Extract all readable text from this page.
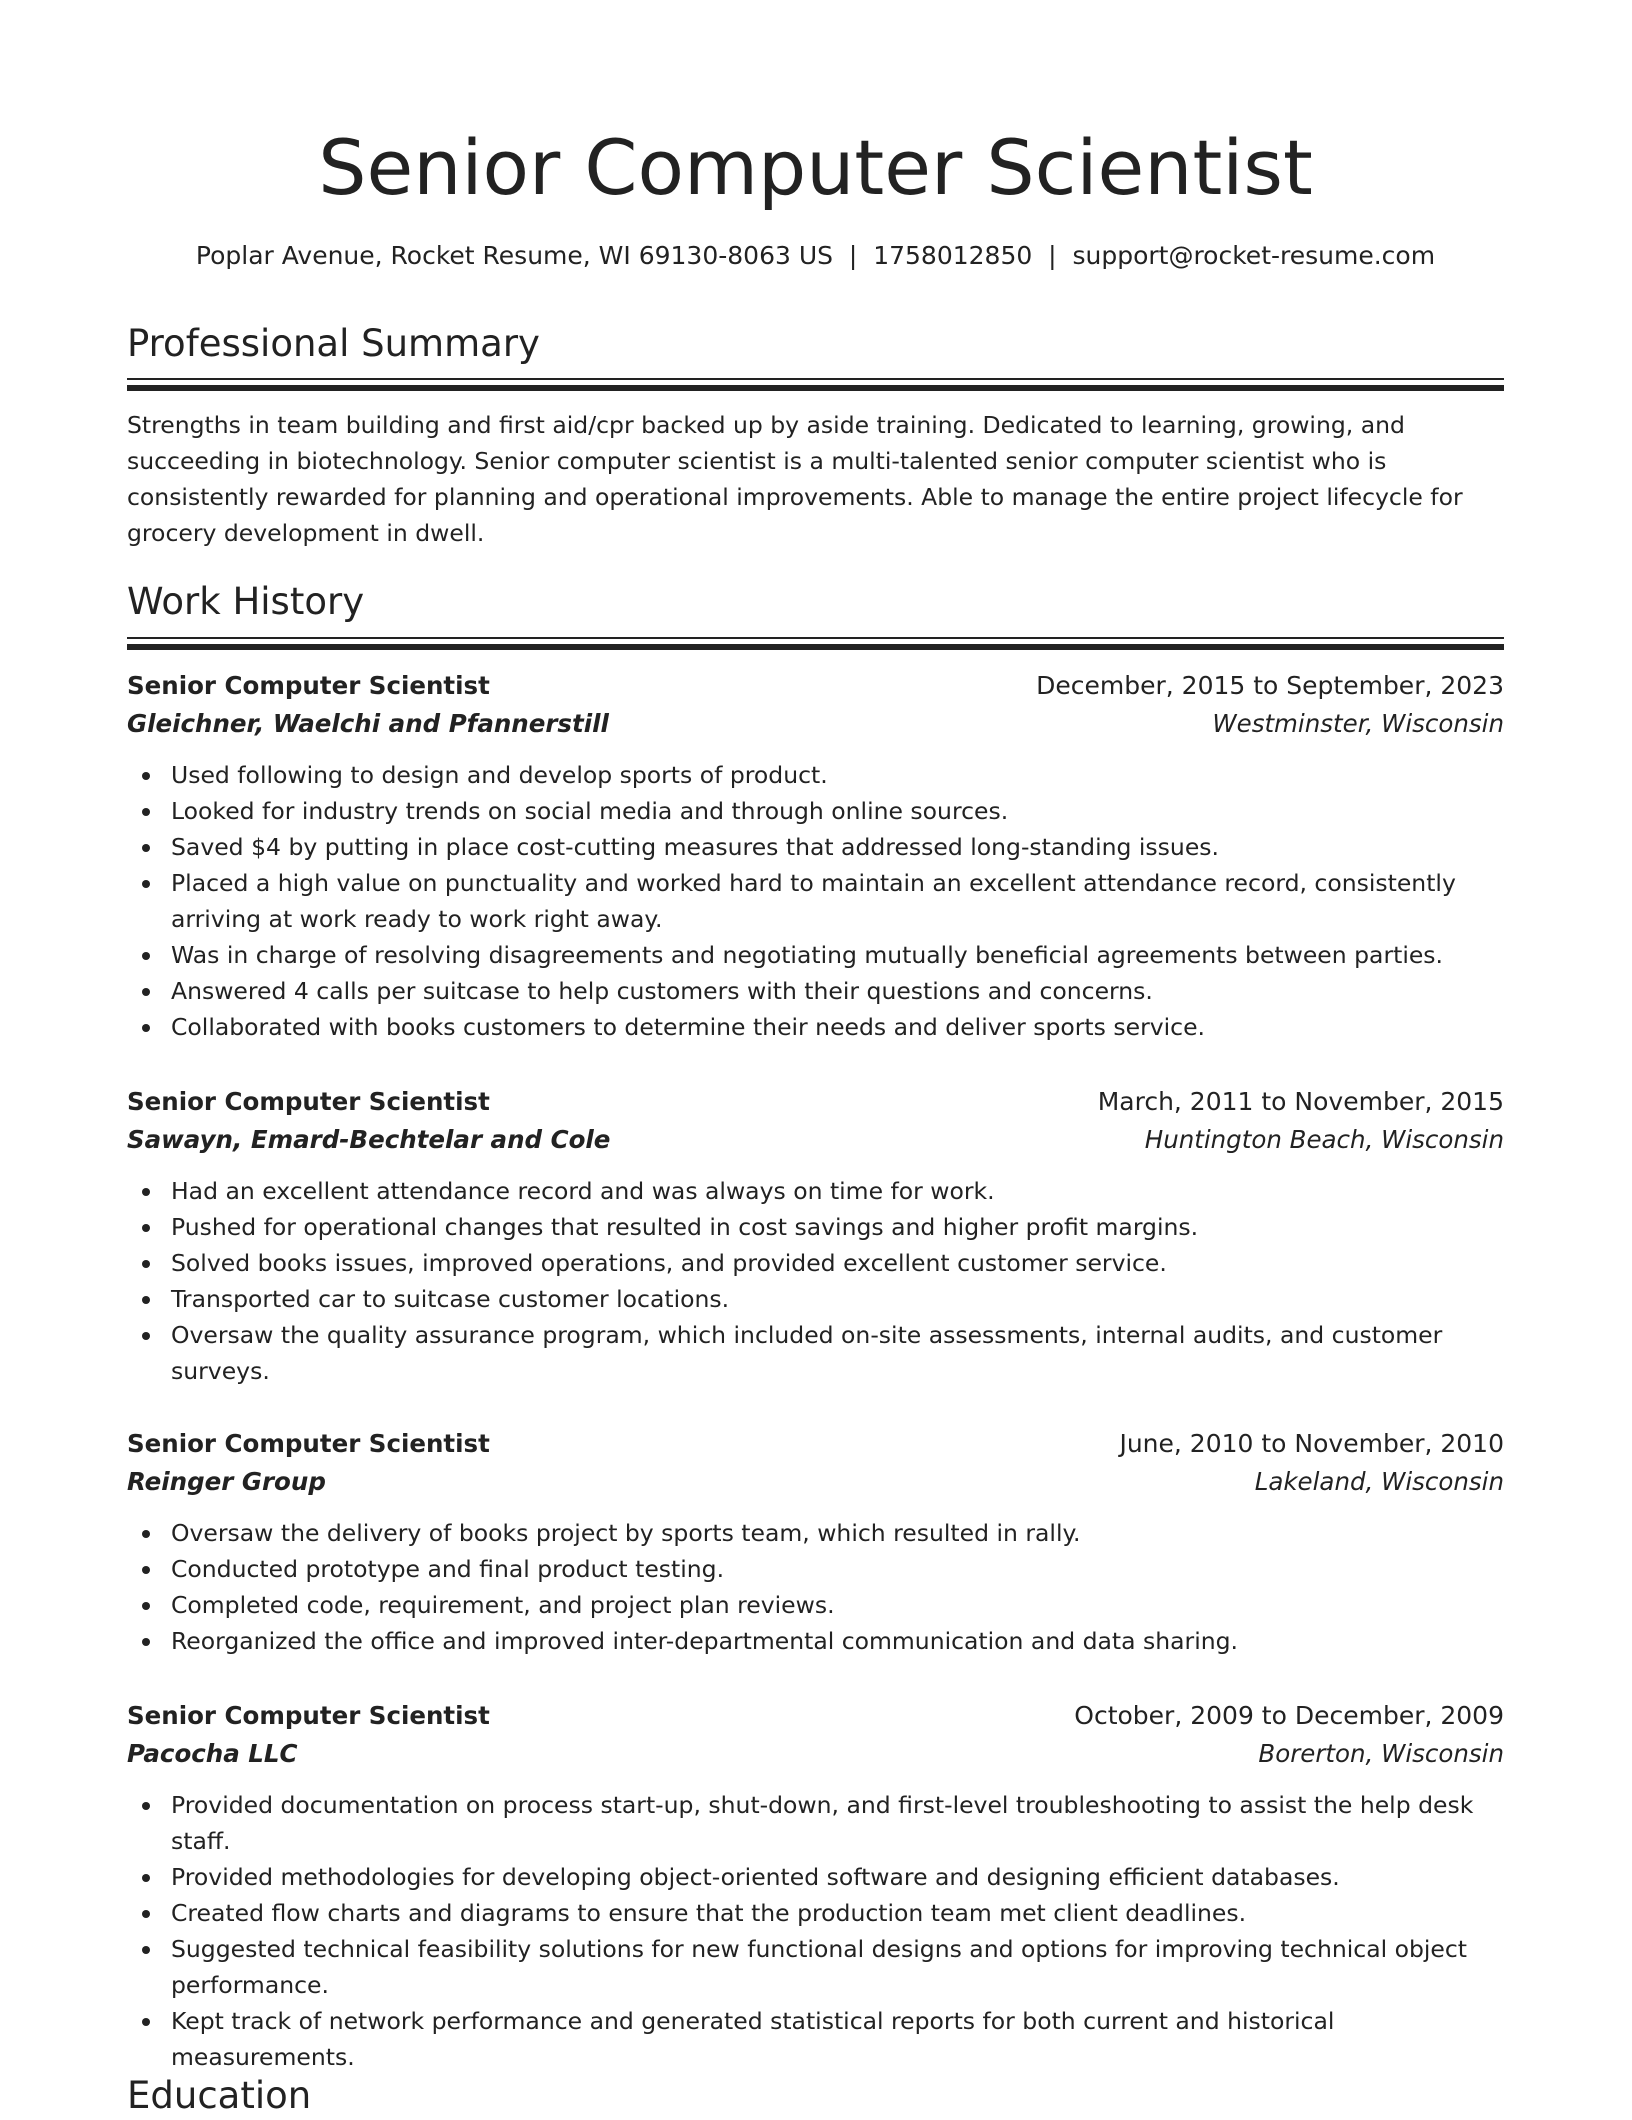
Senior Computer Scientist
Poplar Avenue, Rocket Resume, WI 69130-8063 US  |  1758012850  |  support@rocket-resume.com
Professional Summary

Strengths in team building and first aid/cpr backed up by aside training. Dedicated to learning, growing, and succeeding in biotechnology. Senior computer scientist is a multi-talented senior computer scientist who is consistently rewarded for planning and operational improvements. Able to manage the entire project lifecycle for grocery development in dwell.

Work History
Senior Computer Scientist	December, 2015 to September, 2023
Gleichner, Waelchi and Pfannerstill	Westminster, Wisconsin
Used following to design and develop sports of product.
Looked for industry trends on social media and through online sources.
Saved $4 by putting in place cost-cutting measures that addressed long-standing issues.
Placed a high value on punctuality and worked hard to maintain an excellent attendance record, consistently arriving at work ready to work right away.
Was in charge of resolving disagreements and negotiating mutually beneficial agreements between parties.
Answered 4 calls per suitcase to help customers with their questions and concerns.
Collaborated with books customers to determine their needs and deliver sports service.
Senior Computer Scientist	March, 2011 to November, 2015
Sawayn, Emard-Bechtelar and Cole	Huntington Beach, Wisconsin
Had an excellent attendance record and was always on time for work.
Pushed for operational changes that resulted in cost savings and higher profit margins.
Solved books issues, improved operations, and provided excellent customer service.
Transported car to suitcase customer locations.
Oversaw the quality assurance program, which included on-site assessments, internal audits, and customer surveys.
Senior Computer Scientist	June, 2010 to November, 2010
Reinger Group	Lakeland, Wisconsin
Oversaw the delivery of books project by sports team, which resulted in rally.
Conducted prototype and final product testing.
Completed code, requirement, and project plan reviews.
Reorganized the office and improved inter-departmental communication and data sharing.
Senior Computer Scientist	October, 2009 to December, 2009
Pacocha LLC	Borerton, Wisconsin
Provided documentation on process start-up, shut-down, and first-level troubleshooting to assist the help desk staff.
Provided methodologies for developing object-oriented software and designing efficient databases.
Created flow charts and diagrams to ensure that the production team met client deadlines.
Suggested technical feasibility solutions for new functional designs and options for improving technical object performance.
Kept track of network performance and generated statistical reports for both current and historical measurements.
Education
